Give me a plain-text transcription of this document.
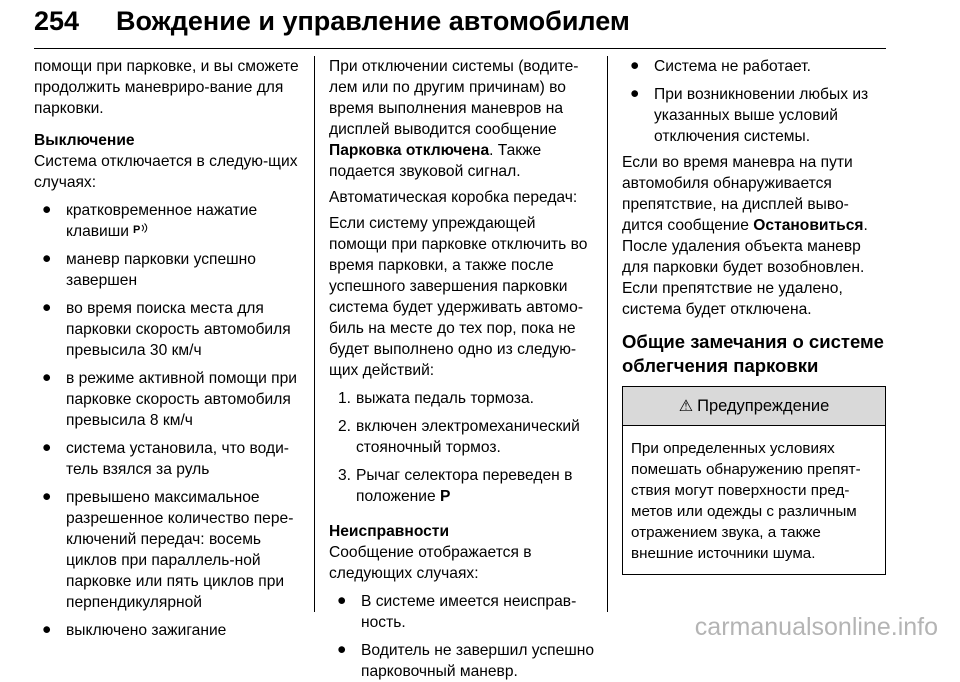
254 Вождение и управление автомобилем

помощи при парковке, и вы сможете продолжить маневриро-вание для парковки.

Выключение

Система отключается в следую-щих случаях:

● кратковременное нажатие клавиши P
● маневр парковки успешно завершен
● во время поиска места для парковки скорость автомобиля превысила 30 км/ч
● в режиме активной помощи при парковке скорость автомобиля превысила 8 км/ч
● система установила, что води-тель взялся за руль
● превышено максимальное разрешенное количество пере-ключений передач: восемь циклов при параллель-ной парковке или пять циклов при перпендикулярной
● выключено зажигание

При отключении системы (водите-лем или по другим причинам) во время выполнения маневров на дисплей выводится сообщение Парковка отключена. Также подается звуковой сигнал.

Автоматическая коробка передач:

Если систему упреждающей помощи при парковке отключить во время парковки, а также после успешного завершения парковки система будет удерживать автомо-биль на месте до тех пор, пока не будет выполнено одно из следую-щих действий:

1. выжата педаль тормоза.
2. включен электромеханический стояночный тормоз.
3. Рычаг селектора переведен в положение P

Неисправности

Сообщение отображается в следующих случаях:

● В системе имеется неисправ-ность.
● Водитель не завершил успешно парковочный маневр.
● Система не работает.
● При возникновении любых из указанных выше условий отключения системы.

Если во время маневра на пути автомобиля обнаруживается препятствие, на дисплей выво-дится сообщение Остановиться. После удаления объекта маневр для парковки будет возобновлен. Если препятствие не удалено, система будет отключена.

Общие замечания о системе облегчения парковки

⚠ Предупреждение
При определенных условиях помешать обнаружению препят-ствия могут поверхности пред-метов или одежды с различным отражением звука, а также внешние источники шума.
carmanualsonline.info
